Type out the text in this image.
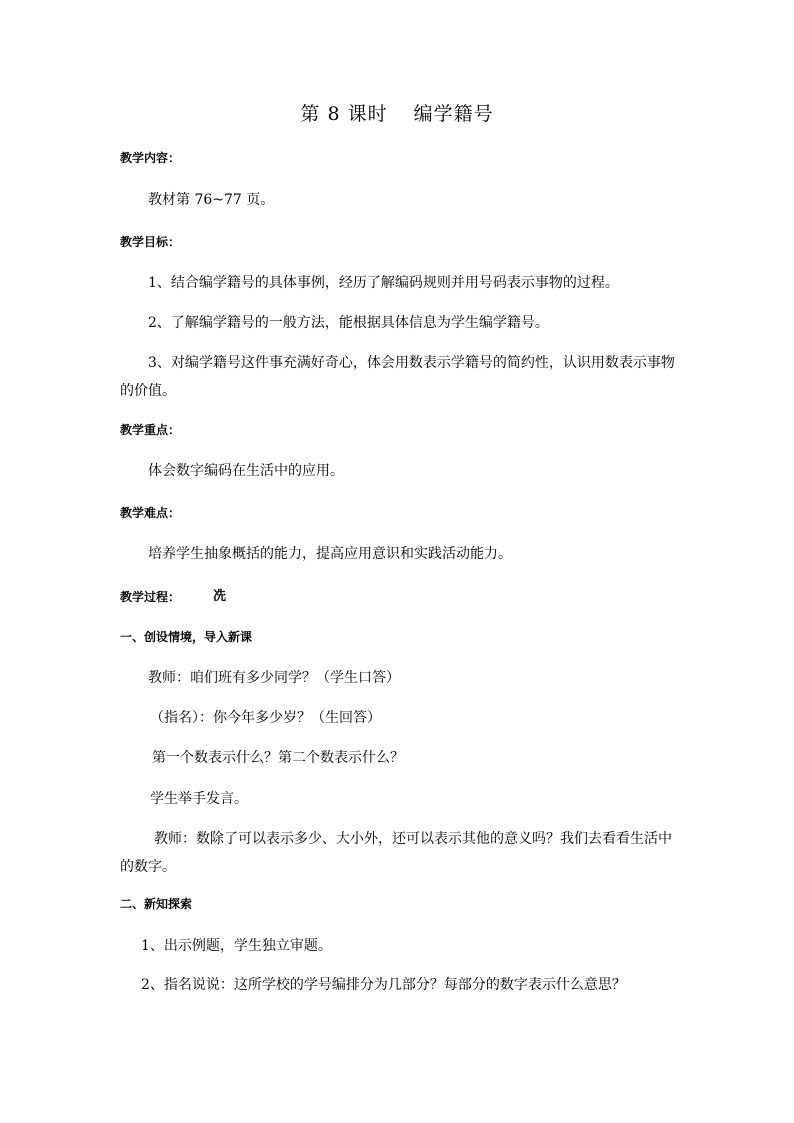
第 8 课时 编学籍号
教学内容：
教材第 76~77 页。
教学目标：
1、结合编学籍号的具体事例，经历了解编码规则并用号码表示事物的过程。
2、了解编学籍号的一般方法，能根据具体信息为学生编学籍号。
3、对编学籍号这件事充满好奇心，体会用数表示学籍号的简约性，认识用数表示事物的价值。
教学重点：
体会数字编码在生活中的应用。
教学难点：
培养学生抽象概括的能力，提高应用意识和实践活动能力。
教学过程：	冼
一、创设情境，导入新课
教师：咱们班有多少同学？（学生口答）
（指名）：你今年多少岁？（生回答）
第一个数表示什么？第二个数表示什么？
学生举手发言。
教师：数除了可以表示多少、大小外，还可以表示其他的意义吗？我们去看看生活中的数字。
二、新知探索
1、出示例题，学生独立审题。
2、指名说说：这所学校的学号编排分为几部分？每部分的数字表示什么意思？
